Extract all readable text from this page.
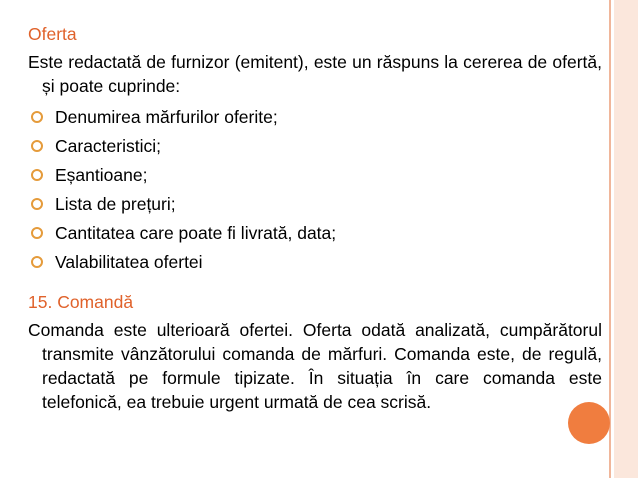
Oferta

Este redactată de furnizor (emitent), este un răspuns la cererea de ofertă, și poate cuprinde:

Denumirea mărfurilor oferite;
Caracteristici;
Eșantioane;
Lista de prețuri;
Cantitatea care poate fi livrată, data;
Valabilitatea ofertei
15. Comandă

Comanda este ulterioară ofertei. Oferta odată analizată, cumpărătorul transmite vânzătorului comanda de mărfuri. Comanda este, de regulă, redactată pe formule tipizate. În situația în care comanda este telefonică, ea trebuie urgent urmată de cea scrisă.
